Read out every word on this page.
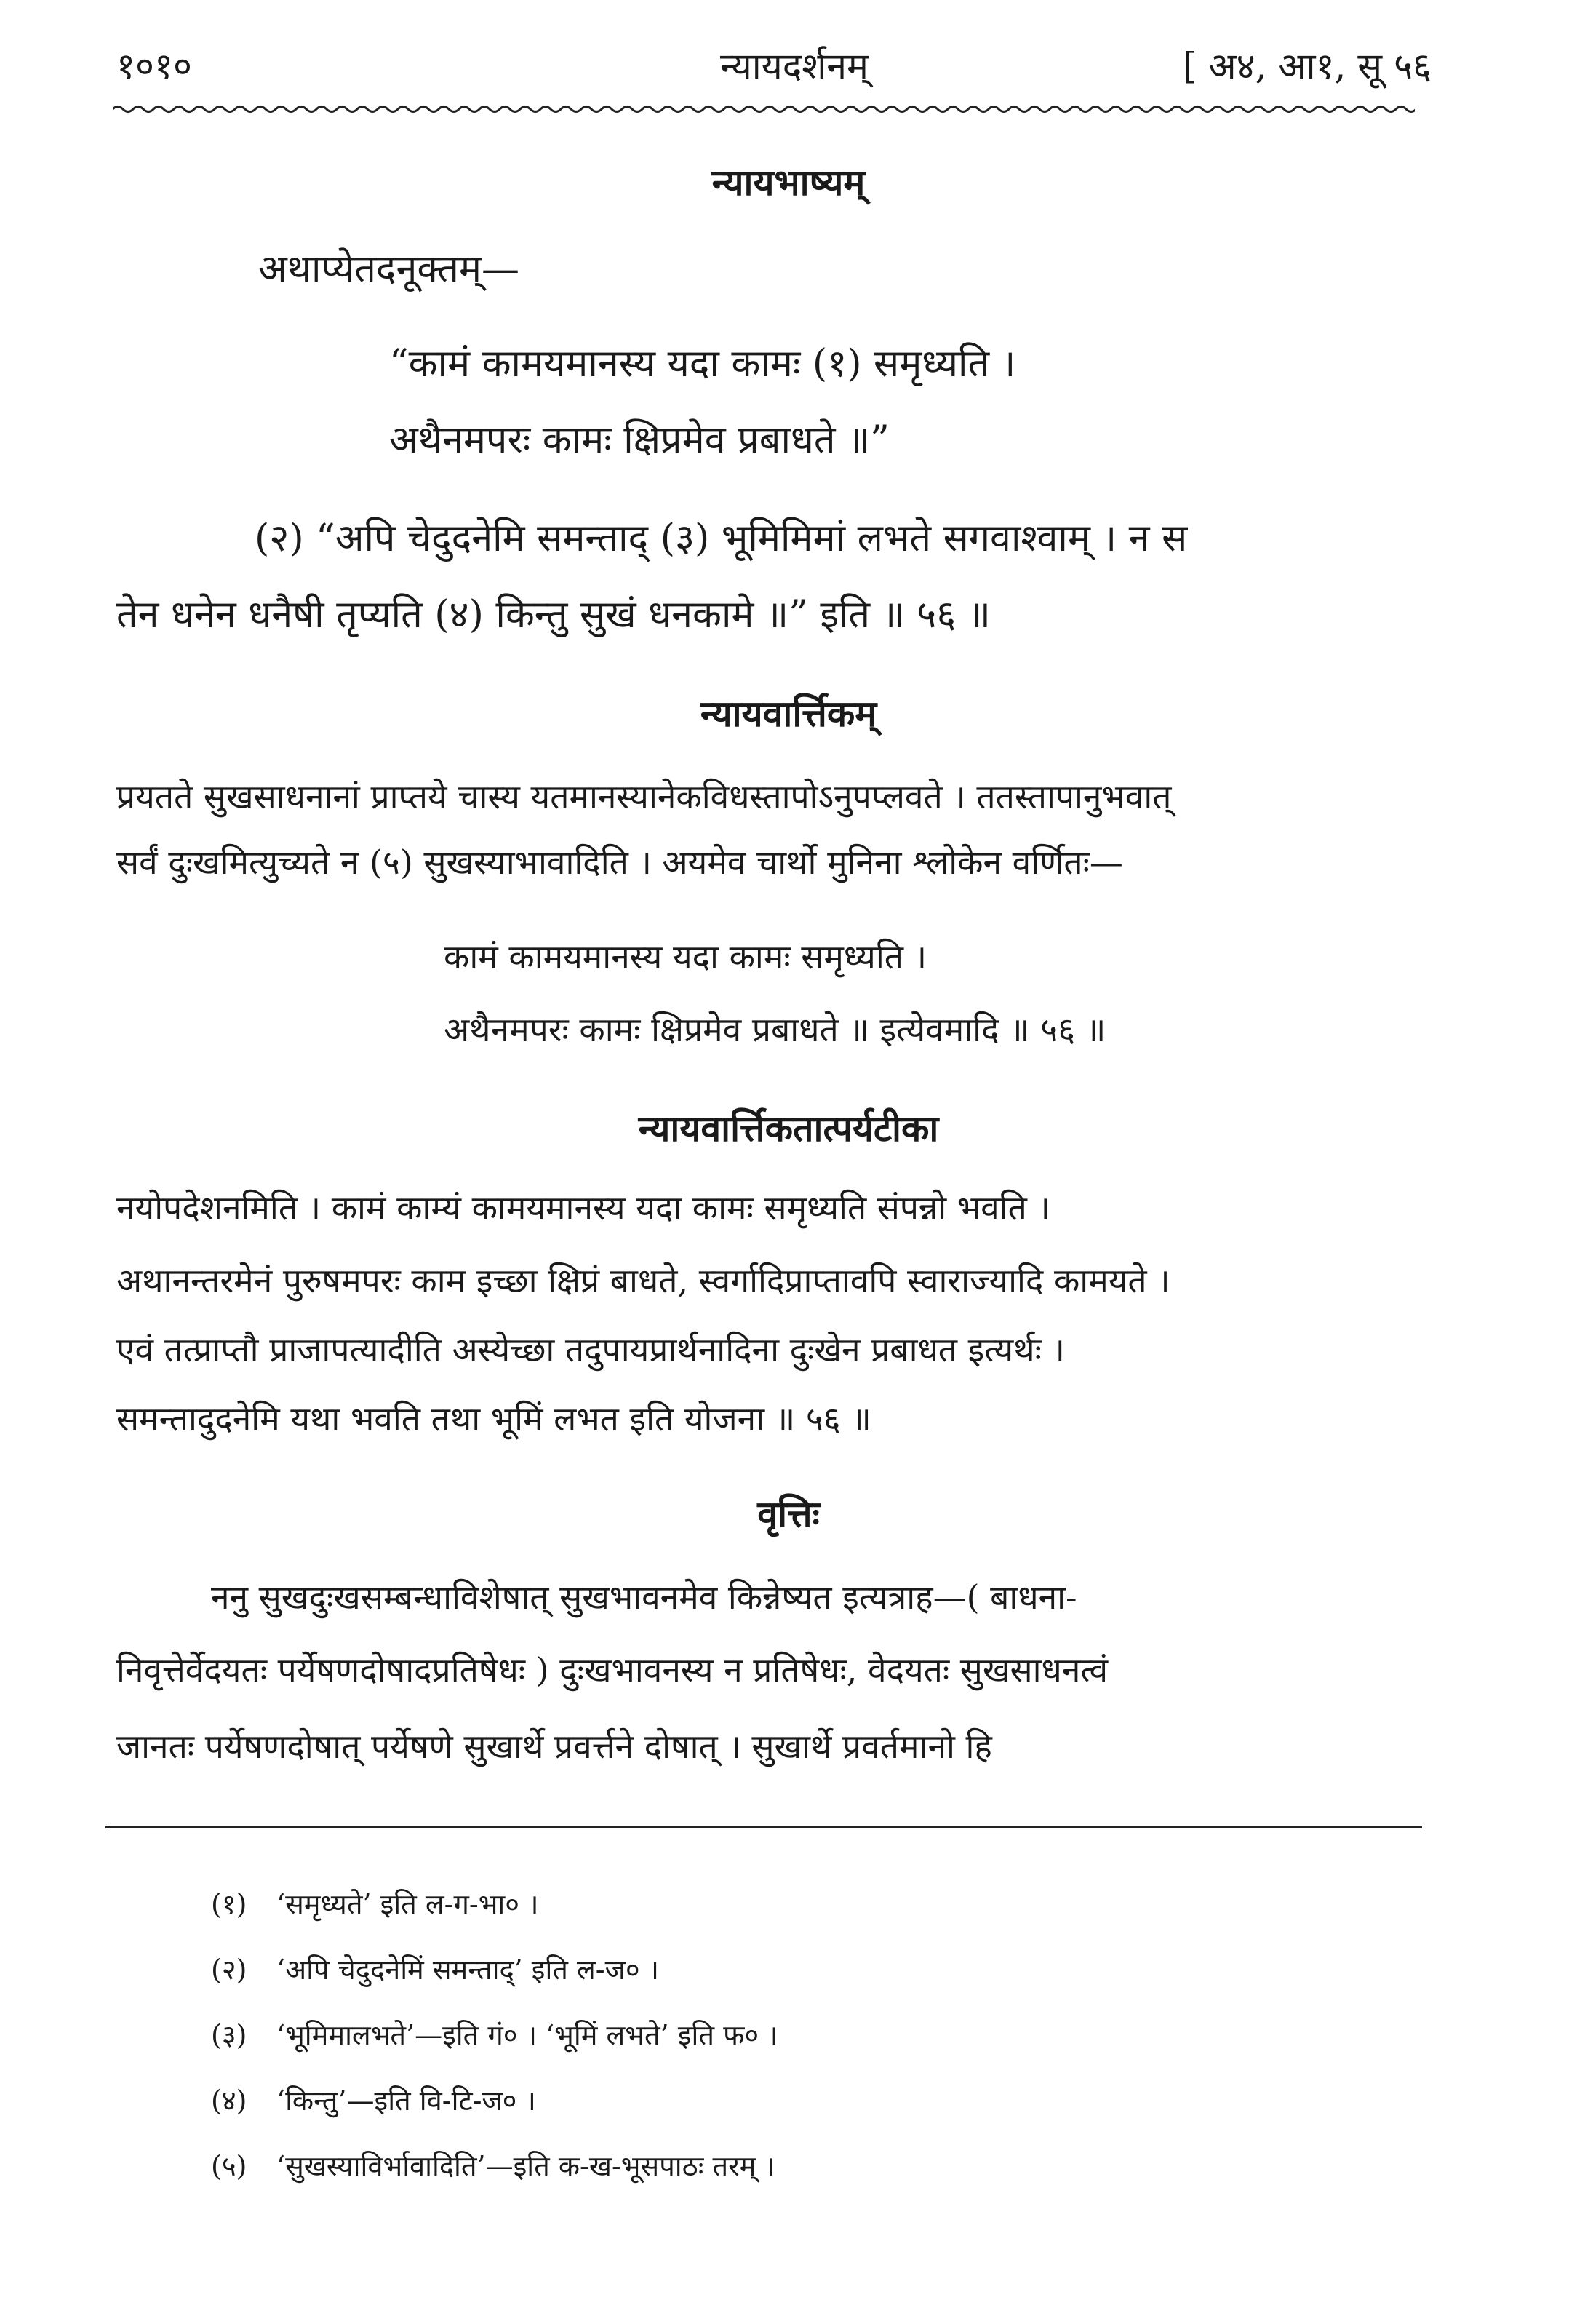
१०१०	न्यायदर्शनम्	[ अ४, आ१, सू ५६
न्यायभाष्यम्
अथाप्येतदनूक्तम्—
“कामं कामयमानस्य यदा कामः (१) समृध्यति ।
अथैनमपरः कामः क्षिप्रमेव प्रबाधते ॥”
(२) “अपि चेदुदनेमि समन्ताद् (३) भूमिमिमां लभते सगवाश्वाम् । न स
तेन धनेन धनैषी तृप्यति (४) किन्तु सुखं धनकामे ॥” इति ॥ ५६ ॥
न्यायवार्त्तिकम्
प्रयतते सुखसाधनानां प्राप्तये चास्य यतमानस्यानेकविधस्तापोऽनुपप्लवते । ततस्तापानुभवात्
सर्वं दुःखमित्युच्यते न (५) सुखस्याभावादिति । अयमेव चार्थो मुनिना श्लोकेन वर्णितः—
कामं कामयमानस्य यदा कामः समृध्यति ।
अथैनमपरः कामः क्षिप्रमेव प्रबाधते ॥ इत्येवमादि ॥ ५६ ॥
न्यायवार्त्तिकतात्पर्यटीका
नयोपदेशनमिति । कामं काम्यं कामयमानस्य यदा कामः समृध्यति संपन्नो भवति ।
अथानन्तरमेनं पुरुषमपरः काम इच्छा क्षिप्रं बाधते, स्वर्गादिप्राप्तावपि स्वाराज्यादि कामयते ।
एवं तत्प्राप्तौ प्राजापत्यादीति अस्येच्छा तदुपायप्रार्थनादिना दुःखेन प्रबाधत इत्यर्थः ।
समन्तादुदनेमि यथा भवति तथा भूमिं लभत इति योजना ॥ ५६ ॥
वृत्तिः
ननु सुखदुःखसम्बन्धाविशेषात् सुखभावनमेव किन्नेष्यत इत्यत्राह—( बाधना-
निवृत्तेर्वेदयतः पर्येषणदोषादप्रतिषेधः ) दुःखभावनस्य न प्रतिषेधः, वेदयतः सुखसाधनत्वं
जानतः पर्येषणदोषात् पर्येषणे सुखार्थे प्रवर्त्तने दोषात् । सुखार्थे प्रवर्तमानो हि
(१) ‘समृध्यते’ इति ल-ग-भा० ।
(२) ‘अपि चेदुदनेमिं समन्ताद्’ इति ल-ज० ।
(३) ‘भूमिमालभते’—इति गं० । ‘भूमिं लभते’ इति फ० ।
(४) ‘किन्तु’—इति वि-टि-ज० ।
(५) ‘सुखस्याविर्भावादिति’—इति क-ख-भूसपाठः तरम् ।
